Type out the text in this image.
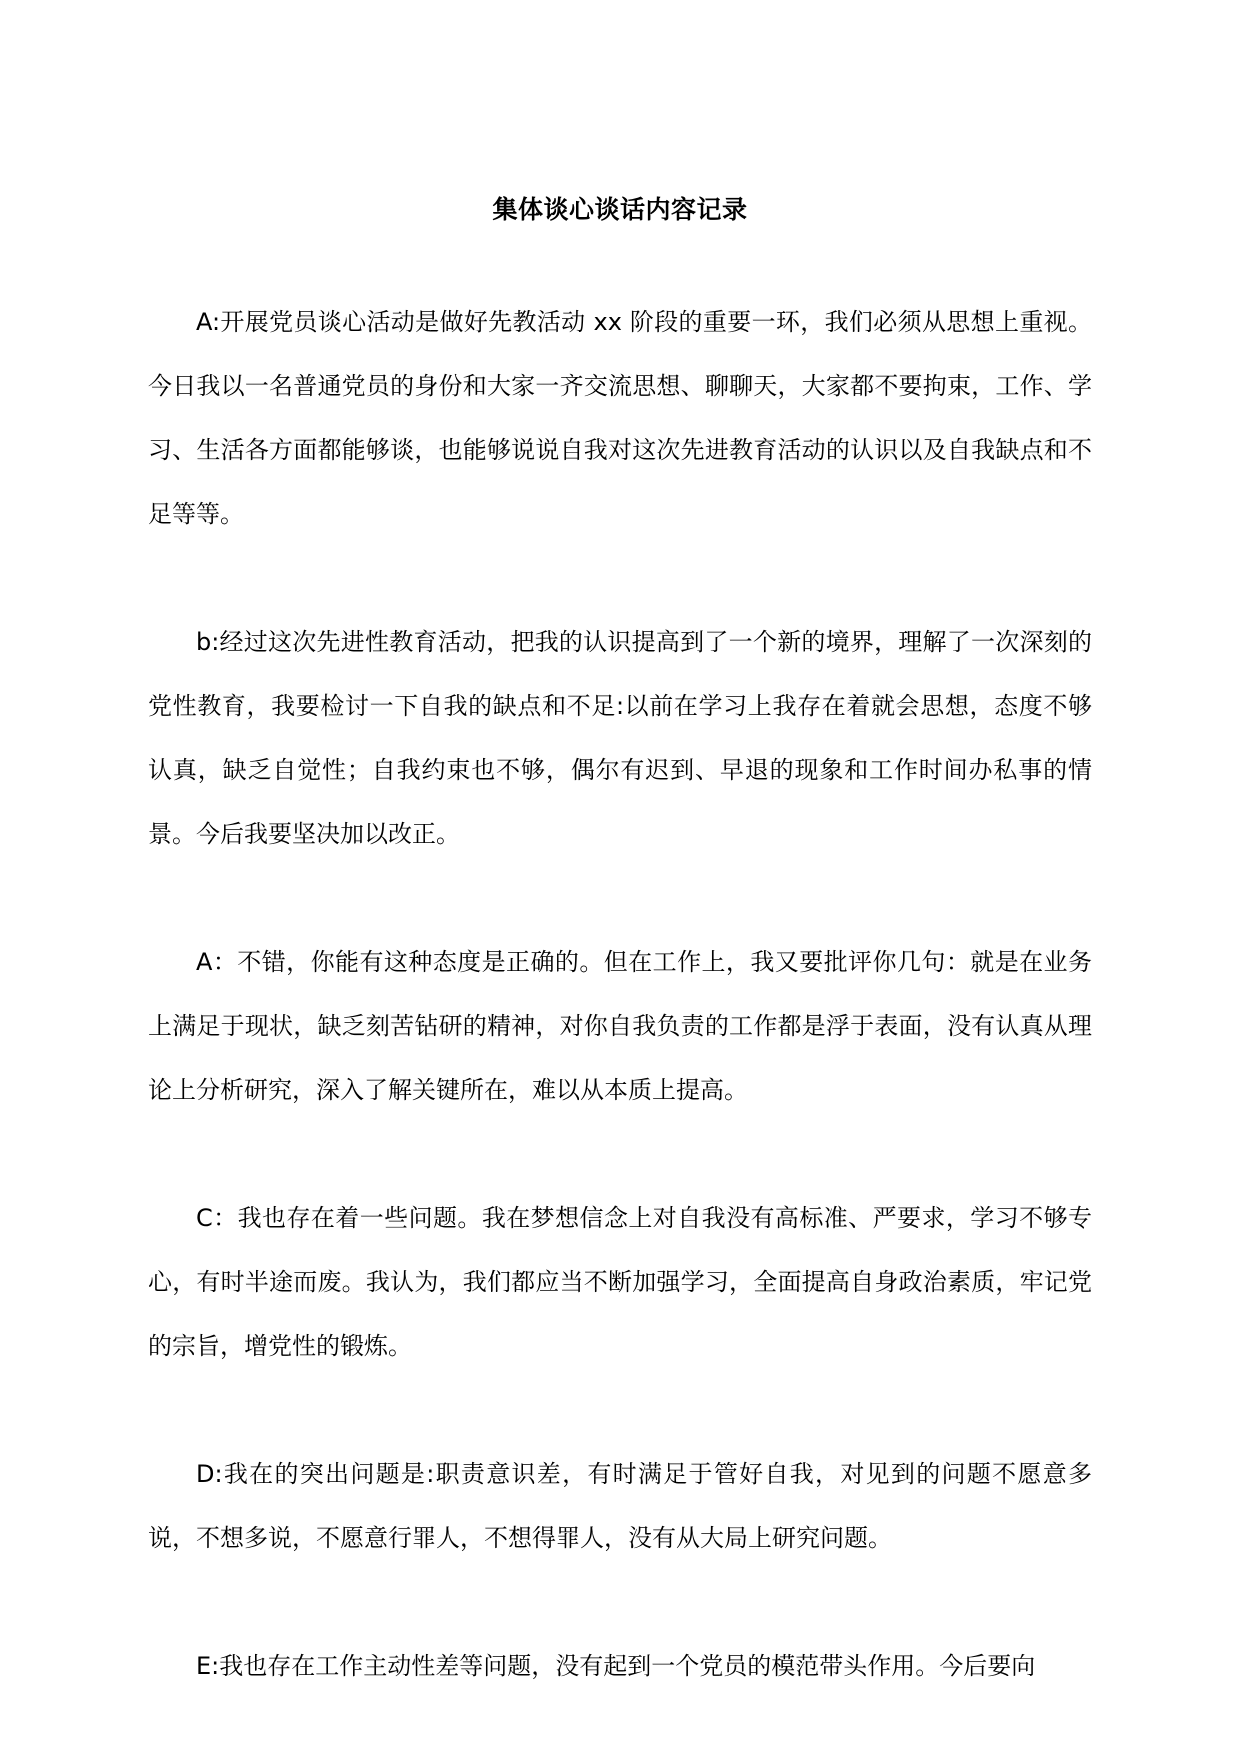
集体谈心谈话内容记录

A:开展党员谈心活动是做好先教活动 xx 阶段的重要一环，我们必须从思想上重视。今日我以一名普通党员的身份和大家一齐交流思想、聊聊天，大家都不要拘束，工作、学习、生活各方面都能够谈，也能够说说自我对这次先进教育活动的认识以及自我缺点和不足等等。

b:经过这次先进性教育活动，把我的认识提高到了一个新的境界，理解了一次深刻的党性教育，我要检讨一下自我的缺点和不足:以前在学习上我存在着就会思想，态度不够认真，缺乏自觉性；自我约束也不够，偶尔有迟到、早退的现象和工作时间办私事的情景。今后我要坚决加以改正。

A：不错，你能有这种态度是正确的。但在工作上，我又要批评你几句：就是在业务上满足于现状，缺乏刻苦钻研的精神，对你自我负责的工作都是浮于表面，没有认真从理论上分析研究，深入了解关键所在，难以从本质上提高。

C：我也存在着一些问题。我在梦想信念上对自我没有高标准、严要求，学习不够专心，有时半途而废。我认为，我们都应当不断加强学习，全面提高自身政治素质，牢记党的宗旨，增党性的锻炼。

D:我在的突出问题是:职责意识差，有时满足于管好自我，对见到的问题不愿意多说，不想多说，不愿意行罪人，不想得罪人，没有从大局上研究问题。

E:我也存在工作主动性差等问题，没有起到一个党员的模范带头作用。今后要向
